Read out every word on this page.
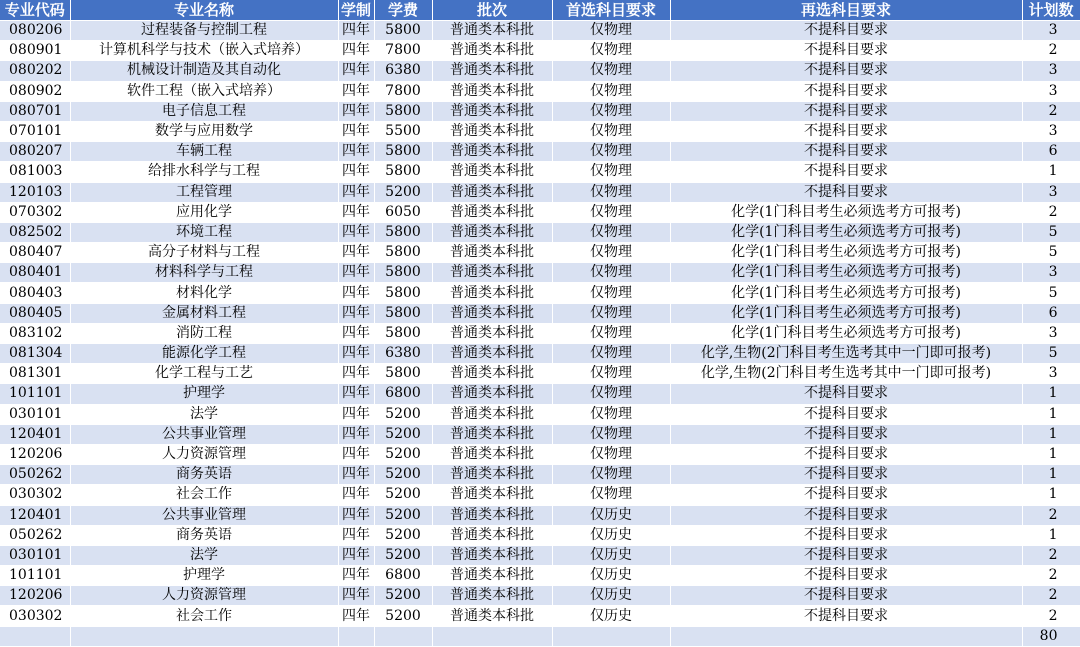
专业代码	专业名称	学制	学费	批次	首选科目要求	再选科目要求	计划数
080206	过程装备与控制工程	四年	5800	普通类本科批	仅物理	不提科目要求	3
080901	计算机科学与技术（嵌入式培养）	四年	7800	普通类本科批	仅物理	不提科目要求	2
080202	机械设计制造及其自动化	四年	6380	普通类本科批	仅物理	不提科目要求	3
080902	软件工程（嵌入式培养）	四年	7800	普通类本科批	仅物理	不提科目要求	3
080701	电子信息工程	四年	5800	普通类本科批	仅物理	不提科目要求	2
070101	数学与应用数学	四年	5500	普通类本科批	仅物理	不提科目要求	3
080207	车辆工程	四年	5800	普通类本科批	仅物理	不提科目要求	6
081003	给排水科学与工程	四年	5800	普通类本科批	仅物理	不提科目要求	1
120103	工程管理	四年	5200	普通类本科批	仅物理	不提科目要求	3
070302	应用化学	四年	6050	普通类本科批	仅物理	化学(1门科目考生必须选考方可报考)	2
082502	环境工程	四年	5800	普通类本科批	仅物理	化学(1门科目考生必须选考方可报考)	5
080407	高分子材料与工程	四年	5800	普通类本科批	仅物理	化学(1门科目考生必须选考方可报考)	5
080401	材料科学与工程	四年	5800	普通类本科批	仅物理	化学(1门科目考生必须选考方可报考)	3
080403	材料化学	四年	5800	普通类本科批	仅物理	化学(1门科目考生必须选考方可报考)	5
080405	金属材料工程	四年	5800	普通类本科批	仅物理	化学(1门科目考生必须选考方可报考)	6
083102	消防工程	四年	5800	普通类本科批	仅物理	化学(1门科目考生必须选考方可报考)	3
081304	能源化学工程	四年	6380	普通类本科批	仅物理	化学,生物(2门科目考生选考其中一门即可报考)	5
081301	化学工程与工艺	四年	5800	普通类本科批	仅物理	化学,生物(2门科目考生选考其中一门即可报考)	3
101101	护理学	四年	6800	普通类本科批	仅物理	不提科目要求	1
030101	法学	四年	5200	普通类本科批	仅物理	不提科目要求	1
120401	公共事业管理	四年	5200	普通类本科批	仅物理	不提科目要求	1
120206	人力资源管理	四年	5200	普通类本科批	仅物理	不提科目要求	1
050262	商务英语	四年	5200	普通类本科批	仅物理	不提科目要求	1
030302	社会工作	四年	5200	普通类本科批	仅物理	不提科目要求	1
120401	公共事业管理	四年	5200	普通类本科批	仅历史	不提科目要求	2
050262	商务英语	四年	5200	普通类本科批	仅历史	不提科目要求	1
030101	法学	四年	5200	普通类本科批	仅历史	不提科目要求	2
101101	护理学	四年	6800	普通类本科批	仅历史	不提科目要求	2
120206	人力资源管理	四年	5200	普通类本科批	仅历史	不提科目要求	2
030302	社会工作	四年	5200	普通类本科批	仅历史	不提科目要求	2
							80
